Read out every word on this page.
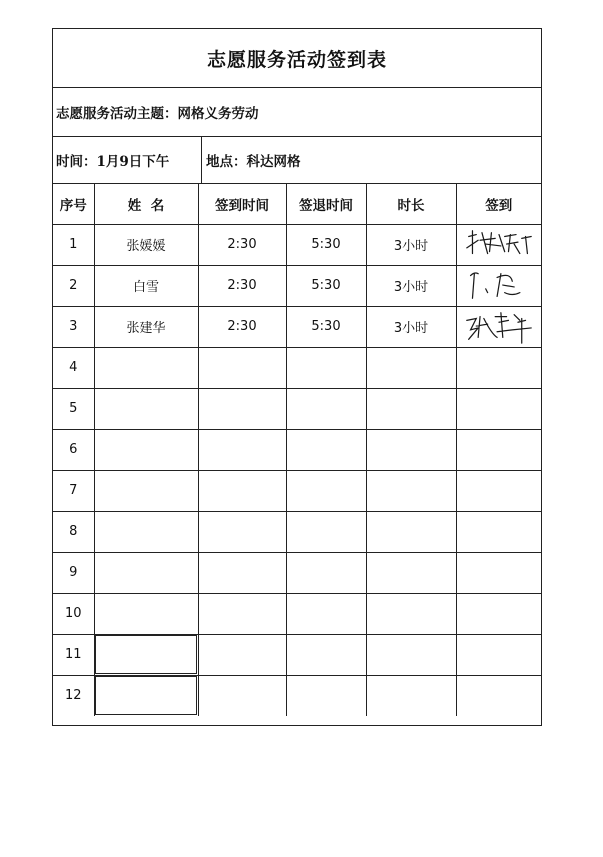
志愿服务活动签到表
志愿服务活动主题：网格义务劳动
时间：1月9日下午	地点：科达网格
序号	姓  名	签到时间	签退时间	时长	签到
1	张媛媛	2:30	5:30	3小时	

2	白雪	2:30	5:30	3小时	

3	张建华	2:30	5:30	3小时	

4					
5					
6					
7					
8					
9					
10					
11					
12					
